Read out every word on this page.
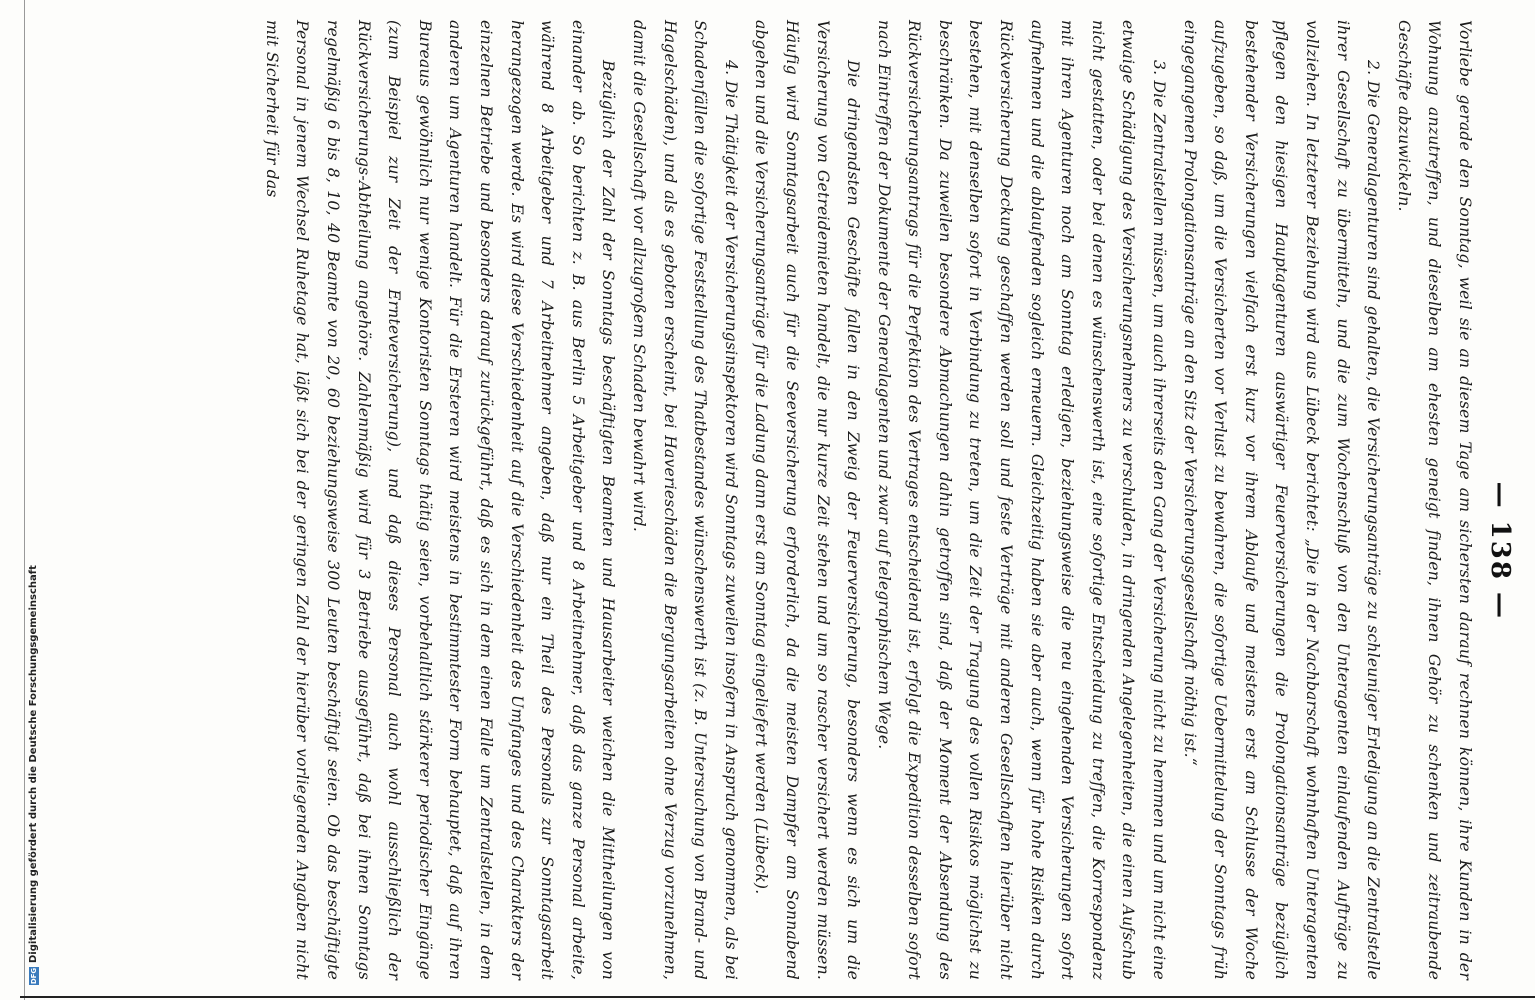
— 138 —

Vorliebe gerade den Sonntag, weil sie an diesem Tage am sichersten darauf rechnen können, ihre Kunden in der Wohnung anzutreffen, und dieselben am ehesten geneigt finden, ihnen Gehör zu schenken und zeitraubende Geschäfte abzuwickeln.

2. Die Generalagenturen sind gehalten, die Versicherungsanträge zu schleuniger Erledigung an die Zentralstelle ihrer Gesellschaft zu übermitteln, und die zum Wochenschluß von den Unteragenten einlaufenden Aufträge zu vollziehen. In letzterer Beziehung wird aus Lübeck berichtet: „Die in der Nachbarschaft wohnhaften Unteragenten pflegen den hiesigen Hauptagenturen auswärtiger Feuerversicherungen die Prolongationsanträge bezüglich bestehender Versicherungen vielfach erst kurz vor ihrem Ablaufe und meistens erst am Schlusse der Woche aufzugeben, so daß, um die Versicherten vor Verlust zu bewahren, die sofortige Uebermittelung der Sonntags früh eingegangenen Prolongationsanträge an den Sitz der Versicherungsgesellschaft nöthig ist.“

3. Die Zentralstellen müssen, um auch ihrerseits den Gang der Versicherung nicht zu hemmen und um nicht eine etwaige Schädigung des Versicherungsnehmers zu verschulden, in dringenden Angelegenheiten, die einen Aufschub nicht gestatten, oder bei denen es wünschenswerth ist, eine sofortige Entscheidung zu treffen, die Korrespondenz mit ihren Agenturen noch am Sonntag erledigen, beziehungsweise die neu eingehenden Versicherungen sofort aufnehmen und die ablaufenden sogleich erneuern. Gleichzeitig haben sie aber auch, wenn für hohe Risiken durch Rückversicherung Deckung geschaffen werden soll und feste Verträge mit anderen Gesellschaften hierüber nicht bestehen, mit denselben sofort in Verbindung zu treten, um die Zeit der Tragung des vollen Risikos möglichst zu beschränken. Da zuweilen besondere Abmachungen dahin getroffen sind, daß der Moment der Absendung des Rückversicherungsantrags für die Perfektion des Vertrages entscheidend ist, erfolgt die Expedition desselben sofort nach Eintreffen der Dokumente der Generalagenten und zwar auf telegraphischem Wege.

Die dringendsten Geschäfte fallen in den Zweig der Feuerversicherung, besonders wenn es sich um die Versicherung von Getreidemieten handelt, die nur kurze Zeit stehen und um so rascher versichert werden müssen. Häufig wird Sonntagsarbeit auch für die Seeversicherung erforderlich, da die meisten Dampfer am Sonnabend abgehen und die Versicherungsanträge für die Ladung dann erst am Sonntag eingeliefert werden (Lübeck).

4. Die Thätigkeit der Versicherungsinspektoren wird Sonntags zuweilen insofern in Anspruch genommen, als bei Schadenfällen die sofortige Feststellung des Thatbestandes wünschenswerth ist (z. B. Untersuchung von Brand- und Hagelschäden), und als es geboten erscheint, bei Haverieschäden die Bergungsarbeiten ohne Verzug vorzunehmen, damit die Gesellschaft vor allzugroßem Schaden bewahrt wird.

Bezüglich der Zahl der Sonntags beschäftigten Beamten und Hausarbeiter weichen die Mittheilungen von einander ab. So berichten z. B. aus Berlin 5 Arbeitgeber und 8 Arbeitnehmer, daß das ganze Personal arbeite, während 8 Arbeitgeber und 7 Arbeitnehmer angeben, daß nur ein Theil des Personals zur Sonntagsarbeit herangezogen werde. Es wird diese Verschiedenheit auf die Verschiedenheit des Umfanges und des Charakters der einzelnen Betriebe und besonders darauf zurückgeführt, daß es sich in dem einen Falle um Zentralstellen, in dem anderen um Agenturen handelt. Für die Ersteren wird meistens in bestimmtester Form behauptet, daß auf ihren Bureaus gewöhnlich nur wenige Kontoristen Sonntags thätig seien, vorbehaltlich stärkerer periodischer Eingänge (zum Beispiel zur Zeit der Ernteversicherung), und daß dieses Personal auch wohl ausschließlich der Rückversicherungs-Abtheilung angehöre. Zahlenmäßig wird für 3 Betriebe ausgeführt, daß bei ihnen Sonntags regelmäßig 6 bis 8, 10, 40 Beamte von 20, 60 beziehungsweise 300 Leuten beschäftigt seien. Ob das beschäftigte Personal in jenem Wechsel Ruhetage hat, läßt sich bei der geringen Zahl der hierüber vorliegenden Angaben nicht mit Sicherheit für das

DFG
Digitalisierung gefördert durch die Deutsche Forschungsgemeinschaft
